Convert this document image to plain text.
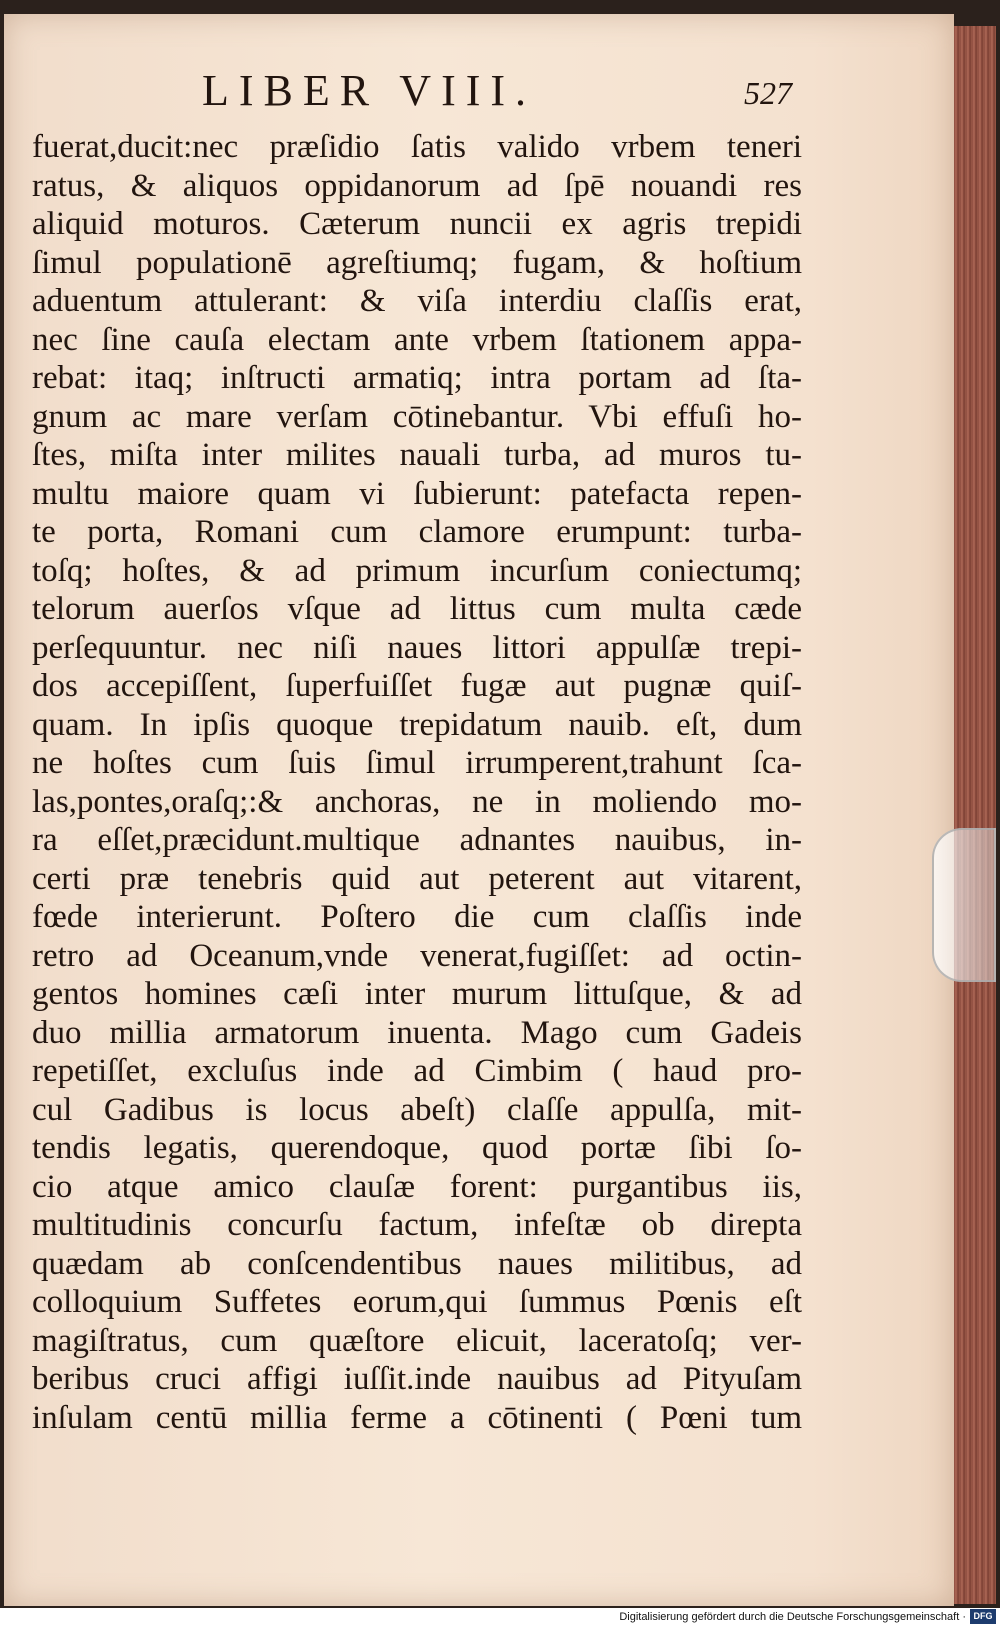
LIBER VIII.	527
fuerat,ducit:nec præſidio ſatis valido vrbem teneri
ratus, & aliquos oppidanorum ad ſpē nouandi res
aliquid moturos. Cæterum nuncii ex agris trepidi
ſimul populationē agreſtiumq; fugam, & hoſtium
aduentum attulerant: & viſa interdiu claſſis erat,
nec ſine cauſa electam ante vrbem ſtationem appa-
rebat: itaq; inſtructi armatiq; intra portam ad ſta-
gnum ac mare verſam cōtinebantur. Vbi effuſi ho-
ſtes, miſta inter milites nauali turba, ad muros tu-
multu maiore quam vi ſubierunt: patefacta repen-
te porta, Romani cum clamore erumpunt: turba-
toſq; hoſtes, & ad primum incurſum coniectumq;
telorum auerſos vſque ad littus cum multa cæde
perſequuntur. nec niſi naues littori appulſæ trepi-
dos accepiſſent, ſuperfuiſſet fugæ aut pugnæ quiſ-
quam. In ipſis quoque trepidatum nauib. eſt, dum
ne hoſtes cum ſuis ſimul irrumperent,trahunt ſca-
las,pontes,oraſq;:& anchoras, ne in moliendo mo-
ra eſſet,præcidunt.multique adnantes nauibus, in-
certi præ tenebris quid aut peterent aut vitarent,
fœde interierunt. Poſtero die cum claſſis inde
retro ad Oceanum,vnde venerat,fugiſſet: ad octin-
gentos homines cæſi inter murum littuſque, & ad
duo millia armatorum inuenta. Mago cum Gadeis
repetiſſet, excluſus inde ad Cimbim ( haud pro-
cul Gadibus is locus abeſt) claſſe appulſa, mit-
tendis legatis, querendoque, quod portæ ſibi ſo-
cio atque amico clauſæ forent: purgantibus iis,
multitudinis concurſu factum, infeſtæ ob direpta
quædam ab conſcendentibus naues militibus, ad
colloquium Suffetes eorum,qui ſummus Pœnis eſt
magiſtratus, cum quæſtore elicuit, laceratoſq; ver-
beribus cruci affigi iuſſit.inde nauibus ad Pityuſam
inſulam centū millia ferme a cōtinenti ( Pœni tum
Digitalisierung gefördert durch die Deutsche Forschungsgemeinschaft · DFG
